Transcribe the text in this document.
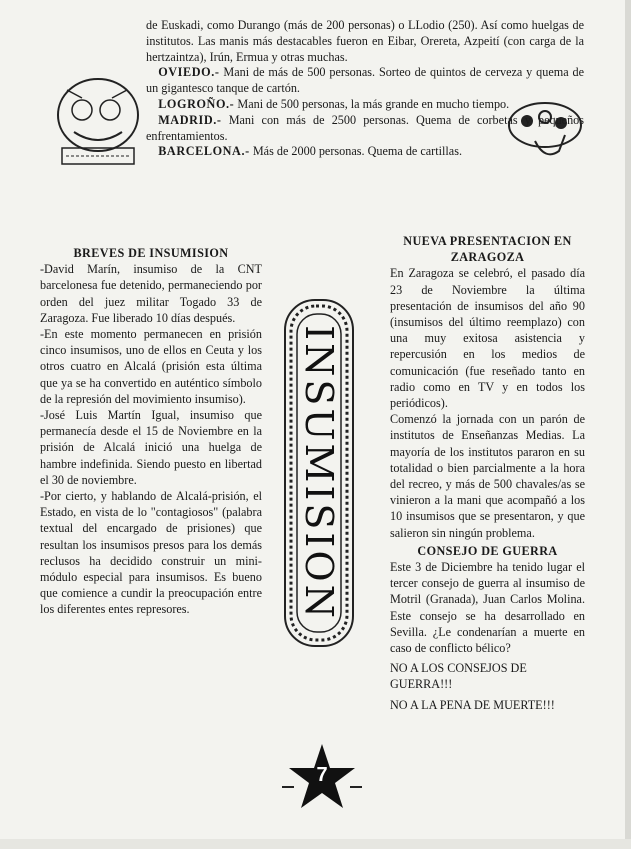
de Euskadi, como Durango (más de 200 personas) o LLodio (250). Así como huelgas de institutos. Las manis más destacables fueron en Eibar, Orereta, Azpeití (con carga de la hertzaintza), Irún, Ermua y otras muchas.

 OVIEDO.- Mani de más de 500 personas. Sorteo de quintos de cerveza y quema de un gigantesco tanque de cartón.

 LOGROÑO.- Mani de 500 personas, la más grande en mucho tiempo.

 MADRID.- Mani con más de 2500 personas. Quema de corbetas y pequeños enfrentamientos.

 BARCELONA.- Más de 2000 personas. Quema de cartillas.

BREVES DE INSUMISION

-David Marín, insumiso de la CNT barcelonesa fue detenido, permaneciendo por orden del juez militar Togado 33 de Zaragoza. Fue liberado 10 días después.

-En este momento permanecen en prisión cinco insumisos, uno de ellos en Ceuta y los otros cuatro en Alcalá (prisión esta última que ya se ha convertido en auténtico símbolo de la represión del movimiento insumiso).

-José Luis Martín Igual, insumiso que permanecía desde el 15 de Noviembre en la prisión de Alcalá inició una huelga de hambre indefinida. Siendo puesto en libertad el 30 de noviembre.

-Por cierto, y hablando de Alcalá-prisión, el Estado, en vista de lo "contagiosos" (palabra textual del encargado de prisiones) que resultan los insumisos presos para los demás reclusos ha decidido construir un mini-módulo especial para insumisos. Es bueno que comience a cundir la preocupación entre los diferentes entes represores.	INSUMISION

NUEVA PRESENTACION EN ZARAGOZA

En Zaragoza se celebró, el pasado día 23 de Noviembre la última presentación de insumisos del año 90 (insumisos del último reemplazo) con una muy exitosa asistencia y repercusión en los medios de comunicación (fue reseñado tanto en radio como en TV y en todos los periódicos).

Comenzó la jornada con un parón de institutos de Enseñanzas Medias. La mayoría de los institutos pararon en su totalidad o bien parcialmente a la hora del recreo, y más de 500 chavales/as se vinieron a la mani que acompañó a los 10 insumisos que se presentaron, y que salieron sin ningún problema.

CONSEJO DE GUERRA

Este 3 de Diciembre ha tenido lugar el tercer consejo de guerra al insumiso de Motril (Granada), Juan Carlos Molina. Este consejo se ha desarrollado en Sevilla. ¿Le condenarían a muerte en caso de conflicto bélico?

NO A LOS CONSEJOS DE GUERRA!!!

NO A LA PENA DE MUERTE!!!

7
